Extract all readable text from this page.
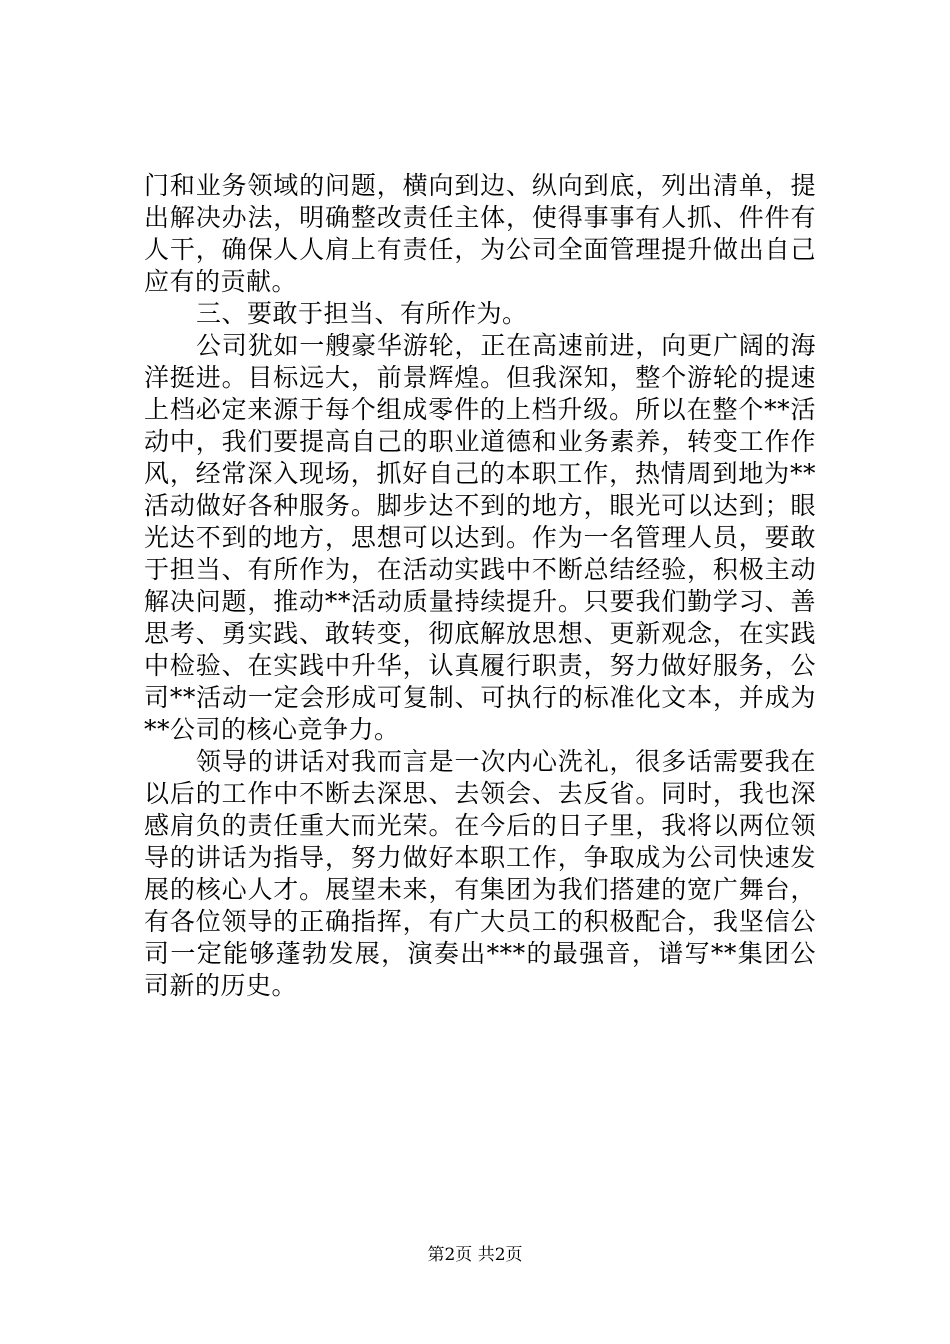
门和业务领域的问题，横向到边、纵向到底，列出清单，提出解决办法，明确整改责任主体，使得事事有人抓、件件有人干，确保人人肩上有责任，为公司全面管理提升做出自己应有的贡献。

三、要敢于担当、有所作为。

公司犹如一艘豪华游轮，正在高速前进，向更广阔的海洋挺进。目标远大，前景辉煌。但我深知，整个游轮的提速上档必定来源于每个组成零件的上档升级。所以在整个**活动中，我们要提高自己的职业道德和业务素养，转变工作作风，经常深入现场，抓好自己的本职工作，热情周到地为**活动做好各种服务。脚步达不到的地方，眼光可以达到；眼光达不到的地方，思想可以达到。作为一名管理人员，要敢于担当、有所作为，在活动实践中不断总结经验，积极主动解决问题，推动**活动质量持续提升。只要我们勤学习、善思考、勇实践、敢转变，彻底解放思想、更新观念，在实践中检验、在实践中升华，认真履行职责，努力做好服务，公司**活动一定会形成可复制、可执行的标准化文本，并成为**公司的核心竞争力。

领导的讲话对我而言是一次内心洗礼，很多话需要我在以后的工作中不断去深思、去领会、去反省。同时，我也深感肩负的责任重大而光荣。在今后的日子里，我将以两位领导的讲话为指导，努力做好本职工作，争取成为公司快速发展的核心人才。展望未来，有集团为我们搭建的宽广舞台，有各位领导的正确指挥，有广大员工的积极配合，我坚信公司一定能够蓬勃发展，演奏出***的最强音，谱写**集团公司新的历史。

第2页 共2页
